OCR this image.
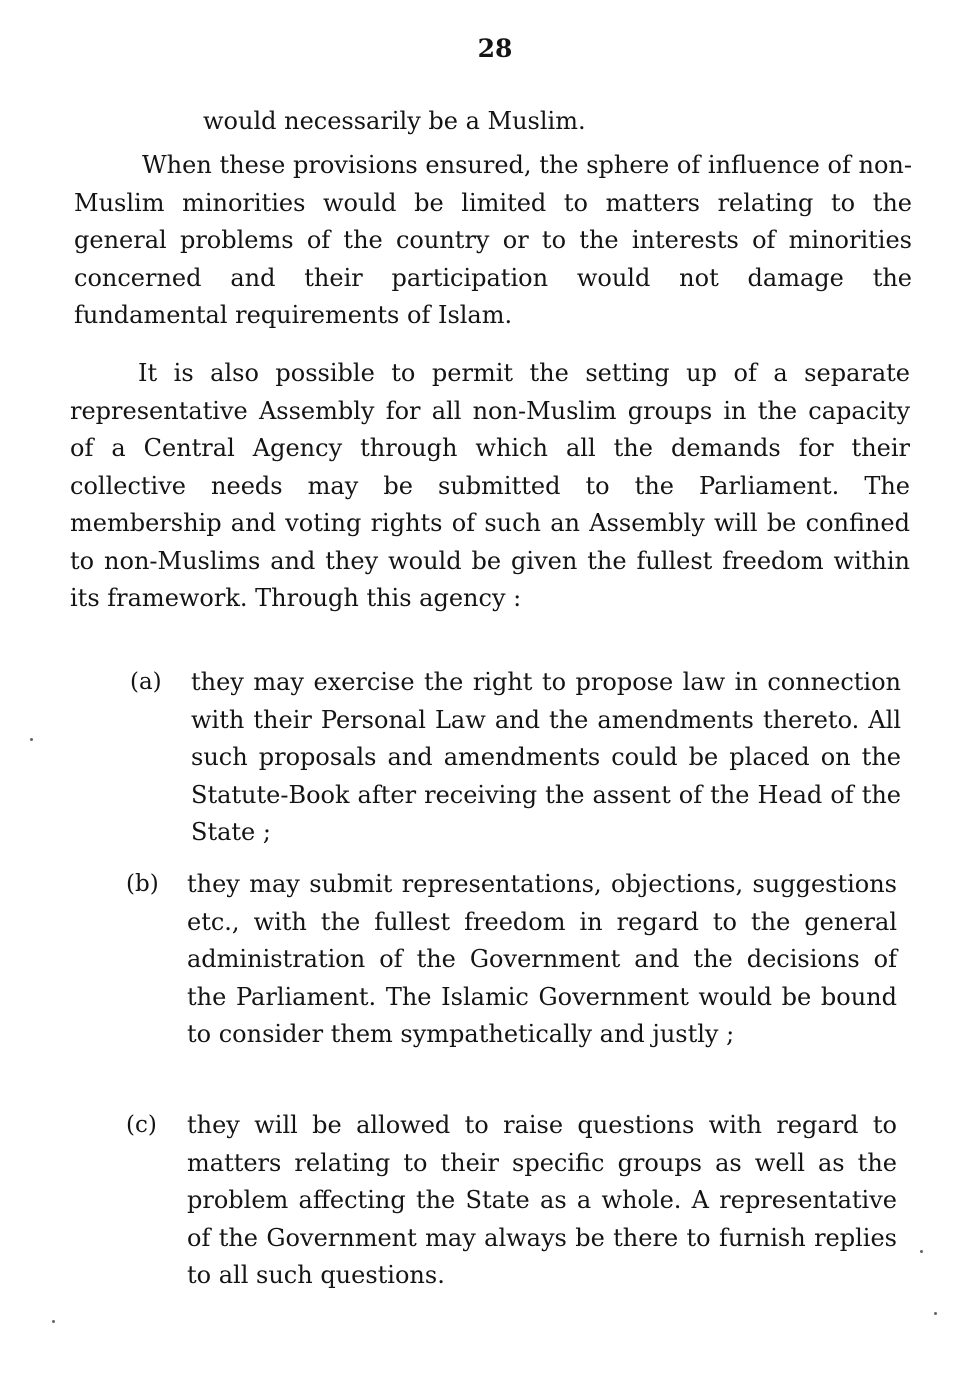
28
would necessarily be a Muslim.

When these provisions ensured, the sphere of influence of non-Muslim minorities would be limited to matters relating to the general problems of the country or to the interests of minorities concerned and their participation would not damage the fundamental requirements of Islam.

It is also possible to permit the setting up of a separate representative Assembly for all non-Muslim groups in the capacity of a Central Agency through which all the demands for their collective needs may be submitted to the Parliament. The membership and voting rights of such an Assembly will be confined to non-Muslims and they would be given the fullest freedom within its framework. Through this agency :

(a)	they may exercise the right to propose law in connection with their Personal Law and the amendments thereto. All such proposals and amendments could be placed on the Statute-Book after receiving the assent of the Head of the State ;
(b)	they may submit representations, objections, suggestions etc., with the fullest freedom in regard to the general administration of the Government and the decisions of the Parliament. The Islamic Government would be bound to consider them sympathetically and justly ;
(c)	they will be allowed to raise questions with regard to matters relating to their specific groups as well as the problem affecting the State as a whole. A representative of the Government may always be there to furnish replies to all such questions.
